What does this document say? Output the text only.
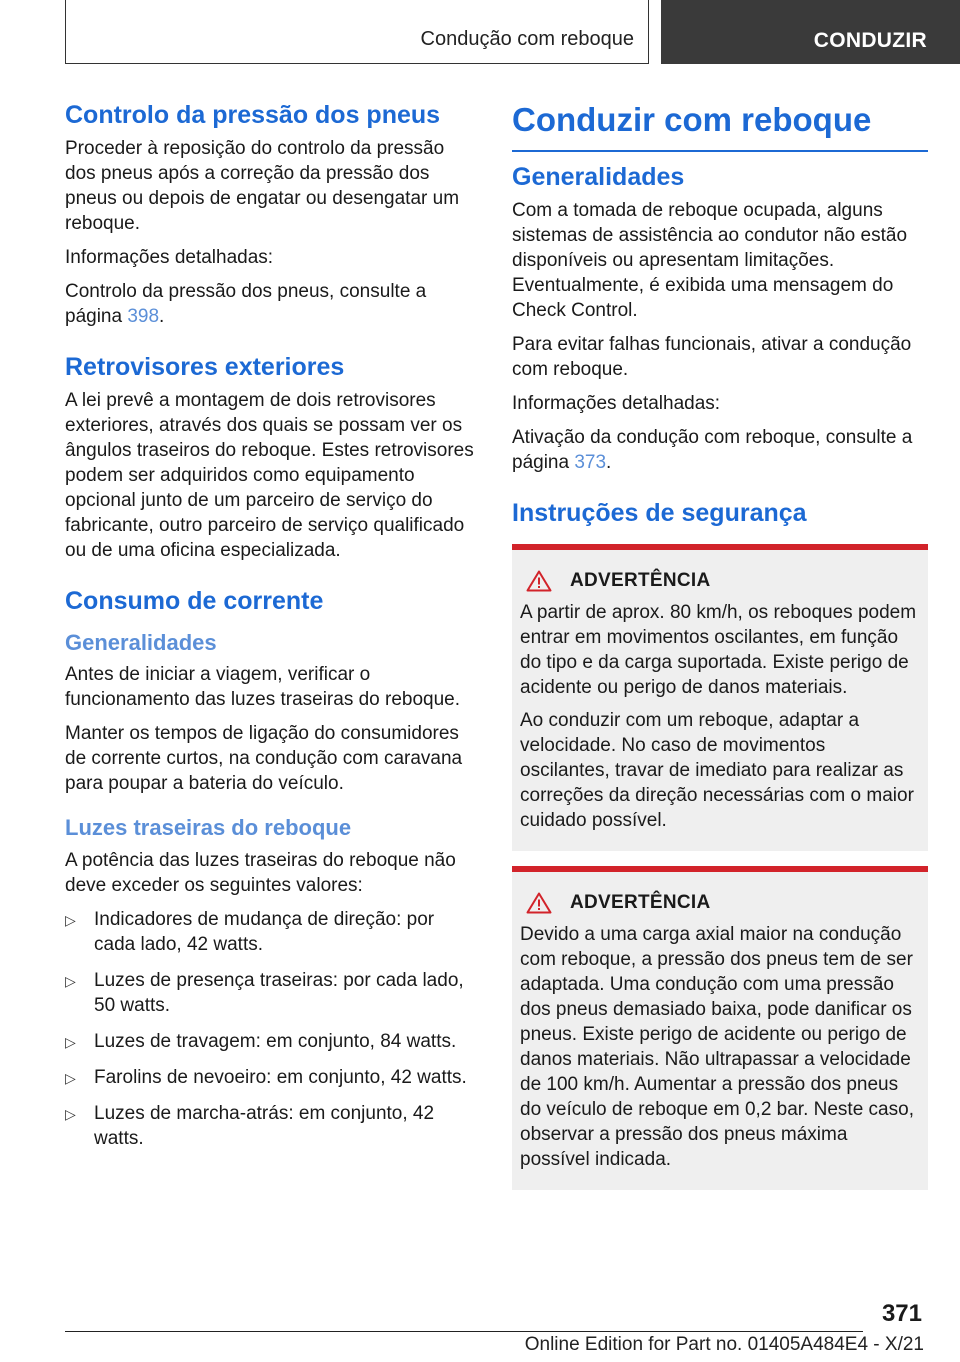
Condução com reboque	CONDUZIR
Controlo da pressão dos pneus

Proceder à reposição do controlo da pressão dos pneus após a correção da pressão dos pneus ou depois de engatar ou desengatar um reboque.

Informações detalhadas:

Controlo da pressão dos pneus, consulte a página 398.

Retrovisores exteriores

A lei prevê a montagem de dois retrovisores exteriores, através dos quais se possam ver os ângulos traseiros do reboque. Estes retrovisores podem ser adquiridos como equipamento opcional junto de um parceiro de serviço do fabricante, outro parceiro de serviço qualificado ou de uma oficina especializada.

Consumo de corrente
Generalidades

Antes de iniciar a viagem, verificar o funcionamento das luzes traseiras do reboque.

Manter os tempos de ligação do consumidores de corrente curtos, na condução com caravana para poupar a bateria do veículo.

Luzes traseiras do reboque

A potência das luzes traseiras do reboque não deve exceder os seguintes valores:

▷ Indicadores de mudança de direção: por cada lado, 42 watts.
▷ Luzes de presença traseiras: por cada lado, 50 watts.
▷ Luzes de travagem: em conjunto, 84 watts.
▷ Farolins de nevoeiro: em conjunto, 42 watts.
▷ Luzes de marcha-atrás: em conjunto, 42 watts.
Conduzir com reboque
Generalidades

Com a tomada de reboque ocupada, alguns sistemas de assistência ao condutor não estão disponíveis ou apresentam limitações. Eventualmente, é exibida uma mensagem do Check Control.

Para evitar falhas funcionais, ativar a condução com reboque.

Informações detalhadas:

Ativação da condução com reboque, consulte a página 373.

Instruções de segurança
ADVERTÊNCIA

A partir de aprox. 80 km/h, os reboques podem entrar em movimentos oscilantes, em função do tipo e da carga suportada. Existe perigo de acidente ou perigo de danos materiais.

Ao conduzir com um reboque, adaptar a velocidade. No caso de movimentos oscilantes, travar de imediato para realizar as correções da direção necessárias com o maior cuidado possível.

ADVERTÊNCIA

Devido a uma carga axial maior na condução com reboque, a pressão dos pneus tem de ser adaptada. Uma condução com uma pressão dos pneus demasiado baixa, pode danificar os pneus. Existe perigo de acidente ou perigo de danos materiais. Não ultrapassar a velocidade de 100 km/h. Aumentar a pressão dos pneus do veículo de reboque em 0,2 bar. Neste caso, observar a pressão dos pneus máxima possível indicada.

371
Online Edition for Part no. 01405A484E4 - X/21
